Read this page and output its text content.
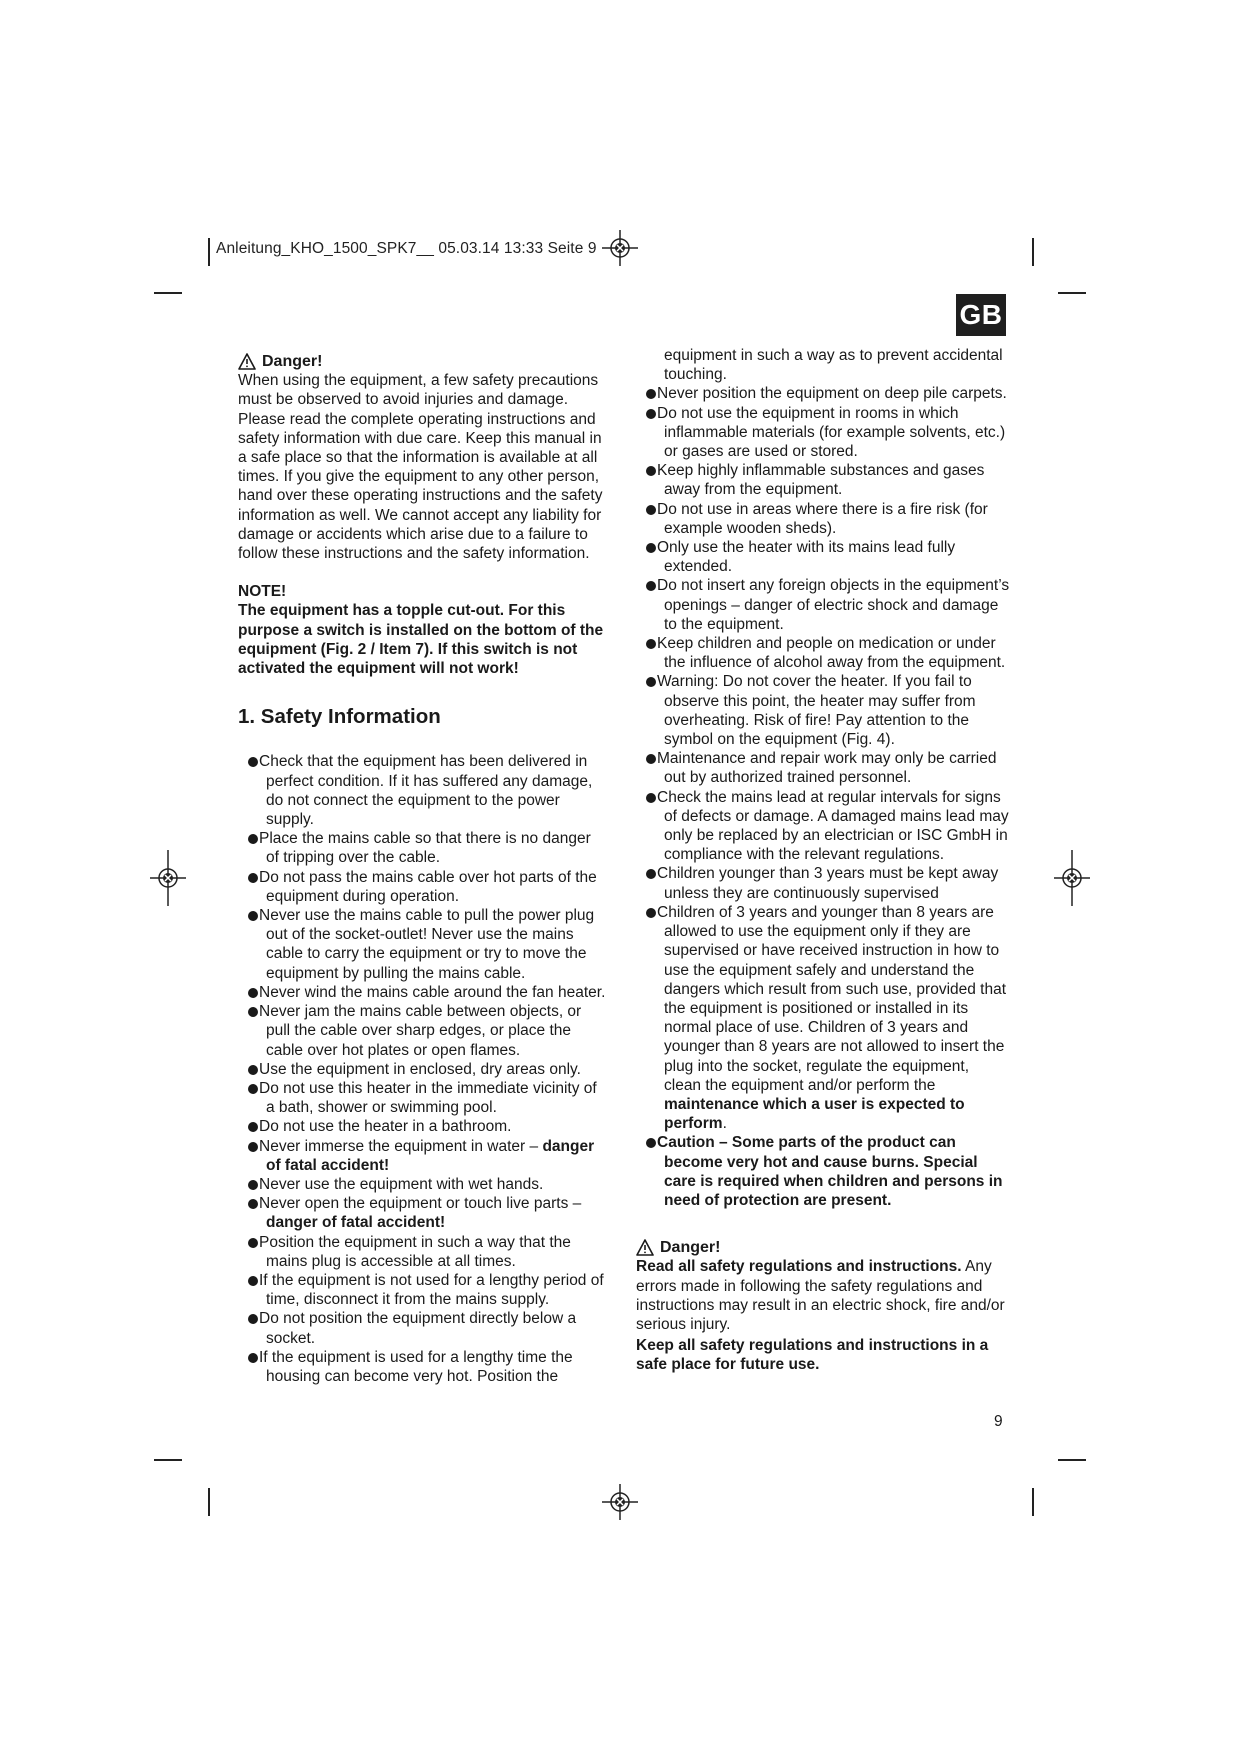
Anleitung_KHO_1500_SPK7__ 05.03.14 13:33 Seite 9
GB
Danger!

When using the equipment, a few safety precautions must be observed to avoid injuries and damage. Please read the complete operating instructions and safety information with due care. Keep this manual in a safe place so that the information is available at all times. If you give the equipment to any other person, hand over these operating instructions and the safety information as well. We cannot accept any liability for damage or accidents which arise due to a failure to follow these instructions and the safety information.

NOTE!

The equipment has a topple cut-out. For this purpose a switch is installed on the bottom of the equipment (Fig. 2 / Item 7). If this switch is not activated the equipment will not work!

1. Safety Information
Check that the equipment has been delivered in perfect condition. If it has suffered any damage, do not connect the equipment to the power supply.
Place the mains cable so that there is no danger of tripping over the cable.
Do not pass the mains cable over hot parts of the equipment during operation.
Never use the mains cable to pull the power plug out of the socket-outlet! Never use the mains cable to carry the equipment or try to move the equipment by pulling the mains cable.
Never wind the mains cable around the fan heater.
Never jam the mains cable between objects, or pull the cable over sharp edges, or place the cable over hot plates or open flames.
Use the equipment in enclosed, dry areas only.
Do not use this heater in the immediate vicinity of a bath, shower or swimming pool.
Do not use the heater in a bathroom.
Never immerse the equipment in water – danger of fatal accident!
Never use the equipment with wet hands.
Never open the equipment or touch live parts – danger of fatal accident!
Position the equipment in such a way that the mains plug is accessible at all times.
If the equipment is not used for a lengthy period of time, disconnect it from the mains supply.
Do not position the equipment directly below a socket.
If the equipment is used for a lengthy time the housing can become very hot. Position the

equipment in such a way as to prevent accidental touching.

Never position the equipment on deep pile carpets.
Do not use the equipment in rooms in which inflammable materials (for example solvents, etc.) or gases are used or stored.
Keep highly inflammable substances and gases away from the equipment.
Do not use in areas where there is a fire risk (for example wooden sheds).
Only use the heater with its mains lead fully extended.
Do not insert any foreign objects in the equipment’s openings – danger of electric shock and damage to the equipment.
Keep children and people on medication or under the influence of alcohol away from the equipment.
Warning: Do not cover the heater. If you fail to observe this point, the heater may suffer from overheating. Risk of fire! Pay attention to the symbol on the equipment (Fig. 4).
Maintenance and repair work may only be carried out by authorized trained personnel.
Check the mains lead at regular intervals for signs of defects or damage. A damaged mains lead may only be replaced by an electrician or ISC GmbH in compliance with the relevant regulations.
Children younger than 3 years must be kept away unless they are continuously supervised
Children of 3 years and younger than 8 years are allowed to use the equipment only if they are supervised or have received instruction in how to use the equipment safely and understand the dangers which result from such use, provided that the equipment is positioned or installed in its normal place of use. Children of 3 years and younger than 8 years are not allowed to insert the plug into the socket, regulate the equipment, clean the equipment and/or perform the maintenance which a user is expected to perform.
Caution – Some parts of the product can become very hot and cause burns. Special care is required when children and persons in need of protection are present.
Danger!

Read all safety regulations and instructions. Any errors made in following the safety regulations and instructions may result in an electric shock, fire and/or serious injury.

Keep all safety regulations and instructions in a safe place for future use.

9
